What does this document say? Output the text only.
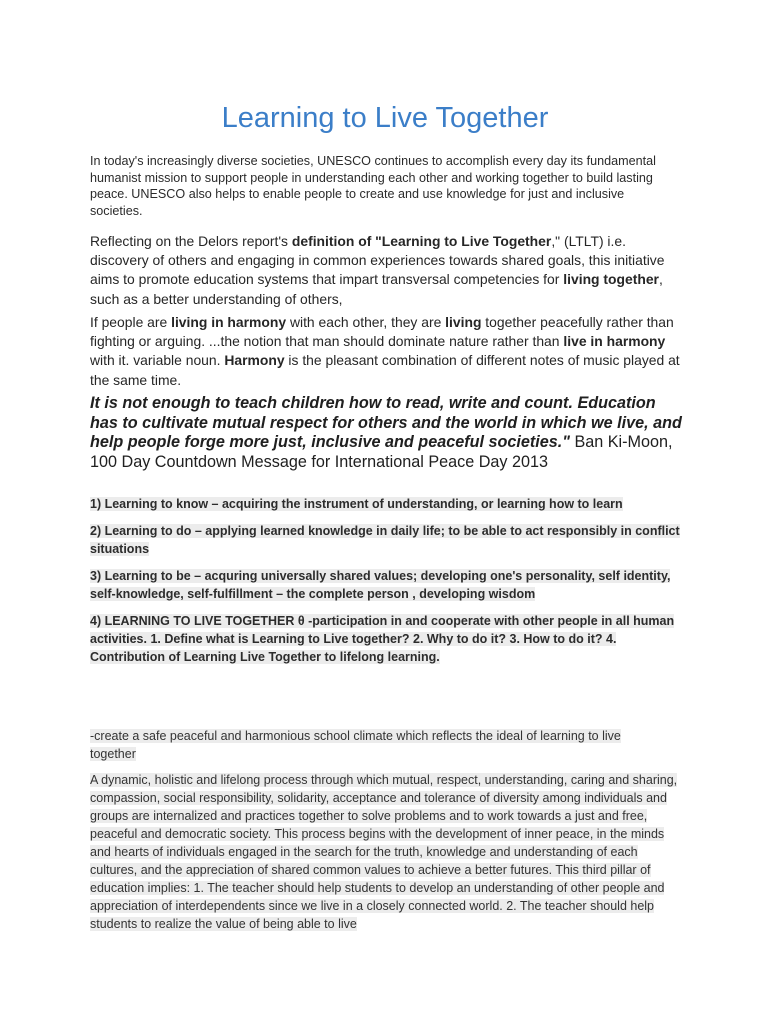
Learning to Live Together

In today's increasingly diverse societies, UNESCO continues to accomplish every day its fundamental humanist mission to support people in understanding each other and working together to build lasting peace. UNESCO also helps to enable people to create and use knowledge for just and inclusive societies.

Reflecting on the Delors report's definition of "Learning to Live Together," (LTLT) i.e. discovery of others and engaging in common experiences towards shared goals, this initiative aims to promote education systems that impart transversal competencies for living together, such as a better understanding of others,

If people are living in harmony with each other, they are living together peacefully rather than fighting or arguing. ...the notion that man should dominate nature rather than live in harmony with it. variable noun. Harmony is the pleasant combination of different notes of music played at the same time.

It is not enough to teach children how to read, write and count. Education has to cultivate mutual respect for others and the world in which we live, and help people forge more just, inclusive and peaceful societies." Ban Ki-Moon, 100 Day Countdown Message for International Peace Day 2013

1) Learning to know – acquiring the instrument of understanding, or learning how to learn

2) Learning to do – applying learned knowledge in daily life; to be able to act responsibly in conflict situations

3) Learning to be – acquring universally shared values; developing one's personality, self identity, self-knowledge, self-fulfillment – the complete person , developing wisdom

4) LEARNING TO LIVE TOGETHER θ -participation in and cooperate with other people in all human activities. 1. Define what is Learning to Live together? 2. Why to do it? 3. How to do it? 4. Contribution of Learning Live Together to lifelong learning.

-create a safe peaceful and harmonious school climate which reflects the ideal of learning to live together

A dynamic, holistic and lifelong process through which mutual, respect, understanding, caring and sharing, compassion, social responsibility, solidarity, acceptance and tolerance of diversity among individuals and groups are internalized and practices together to solve problems and to work towards a just and free, peaceful and democratic society. This process begins with the development of inner peace, in the minds and hearts of individuals engaged in the search for the truth, knowledge and understanding of each cultures, and the appreciation of shared common values to achieve a better futures. This third pillar of education implies: 1. The teacher should help students to develop an understanding of other people and appreciation of interdependents since we live in a closely connected world. 2. The teacher should help students to realize the value of being able to live
